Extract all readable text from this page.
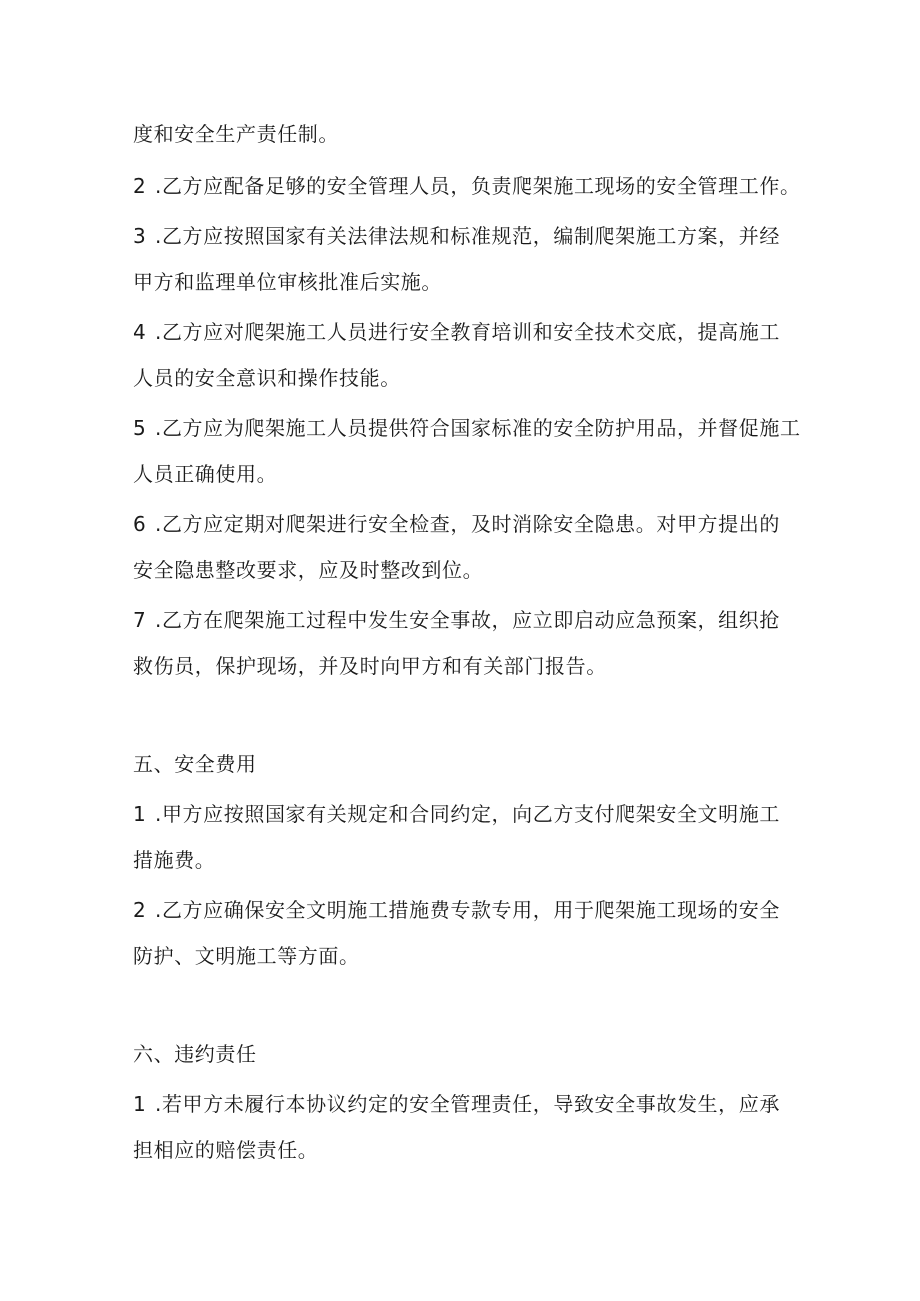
度和安全生产责任制。
2 .乙方应配备足够的安全管理人员，负责爬架施工现场的安全管理工作。
3 .乙方应按照国家有关法律法规和标准规范，编制爬架施工方案，并经
甲方和监理单位审核批准后实施。
4 .乙方应对爬架施工人员进行安全教育培训和安全技术交底，提高施工
人员的安全意识和操作技能。
5 .乙方应为爬架施工人员提供符合国家标准的安全防护用品，并督促施工
人员正确使用。
6 .乙方应定期对爬架进行安全检查，及时消除安全隐患。对甲方提出的
安全隐患整改要求，应及时整改到位。
7 .乙方在爬架施工过程中发生安全事故，应立即启动应急预案，组织抢
救伤员，保护现场，并及时向甲方和有关部门报告。
五、安全费用
1 .甲方应按照国家有关规定和合同约定，向乙方支付爬架安全文明施工
措施费。
2 .乙方应确保安全文明施工措施费专款专用，用于爬架施工现场的安全
防护、文明施工等方面。
六、违约责任
1 .若甲方未履行本协议约定的安全管理责任，导致安全事故发生，应承
担相应的赔偿责任。
